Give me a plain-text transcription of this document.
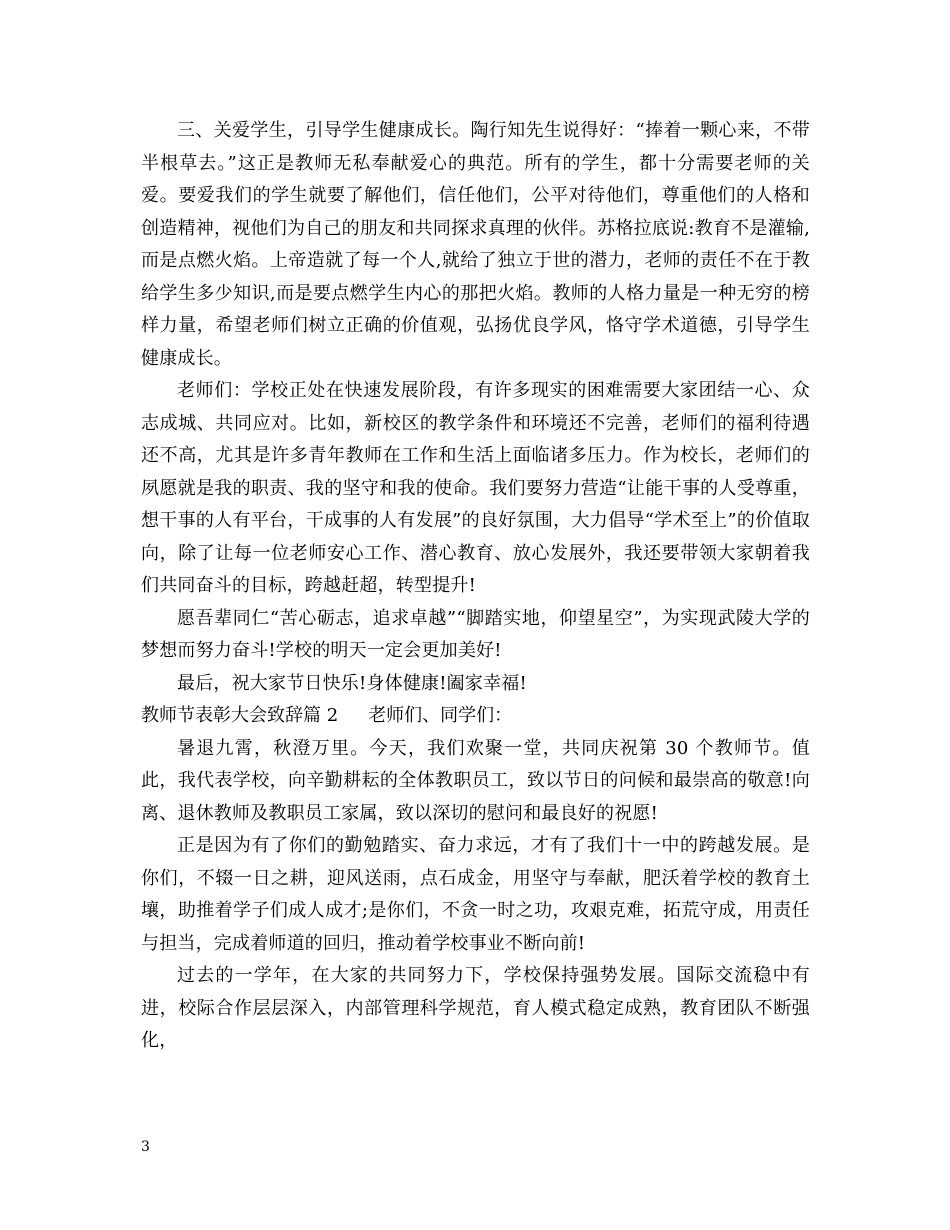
三、关爱学生，引导学生健康成长。陶行知先生说得好：“捧着一颗心来，不带半根草去。”这正是教师无私奉献爱心的典范。所有的学生，都十分需要老师的关爱。要爱我们的学生就要了解他们，信任他们，公平对待他们，尊重他们的人格和创造精神，视他们为自己的朋友和共同探求真理的伙伴。苏格拉底说:教育不是灌输,而是点燃火焰。上帝造就了每一个人,就给了独立于世的潜力，老师的责任不在于教给学生多少知识,而是要点燃学生内心的那把火焰。教师的人格力量是一种无穷的榜样力量，希望老师们树立正确的价值观，弘扬优良学风，恪守学术道德，引导学生健康成长。

老师们：学校正处在快速发展阶段，有许多现实的困难需要大家团结一心、众志成城、共同应对。比如，新校区的教学条件和环境还不完善，老师们的福利待遇还不高，尤其是许多青年教师在工作和生活上面临诸多压力。作为校长，老师们的夙愿就是我的职责、我的坚守和我的使命。我们要努力营造“让能干事的人受尊重，想干事的人有平台，干成事的人有发展”的良好氛围，大力倡导“学术至上”的价值取向，除了让每一位老师安心工作、潜心教育、放心发展外，我还要带领大家朝着我们共同奋斗的目标，跨越赶超，转型提升!

愿吾辈同仁“苦心砺志，追求卓越”“脚踏实地，仰望星空”，为实现武陵大学的梦想而努力奋斗!学校的明天一定会更加美好!

最后，祝大家节日快乐!身体健康!阖家幸福!

教师节表彰大会致辞篇 2 老师们、同学们：

暑退九霄，秋澄万里。今天，我们欢聚一堂，共同庆祝第 30 个教师节。值此，我代表学校，向辛勤耕耘的全体教职员工，致以节日的问候和最崇高的敬意!向离、退休教师及教职员工家属，致以深切的慰问和最良好的祝愿!

正是因为有了你们的勤勉踏实、奋力求远，才有了我们十一中的跨越发展。是你们，不辍一日之耕，迎风送雨，点石成金，用坚守与奉献，肥沃着学校的教育土壤，助推着学子们成人成才;是你们，不贪一时之功，攻艰克难，拓荒守成，用责任与担当，完成着师道的回归，推动着学校事业不断向前!

过去的一学年，在大家的共同努力下，学校保持强势发展。国际交流稳中有进，校际合作层层深入，内部管理科学规范，育人模式稳定成熟，教育团队不断强化，

3
